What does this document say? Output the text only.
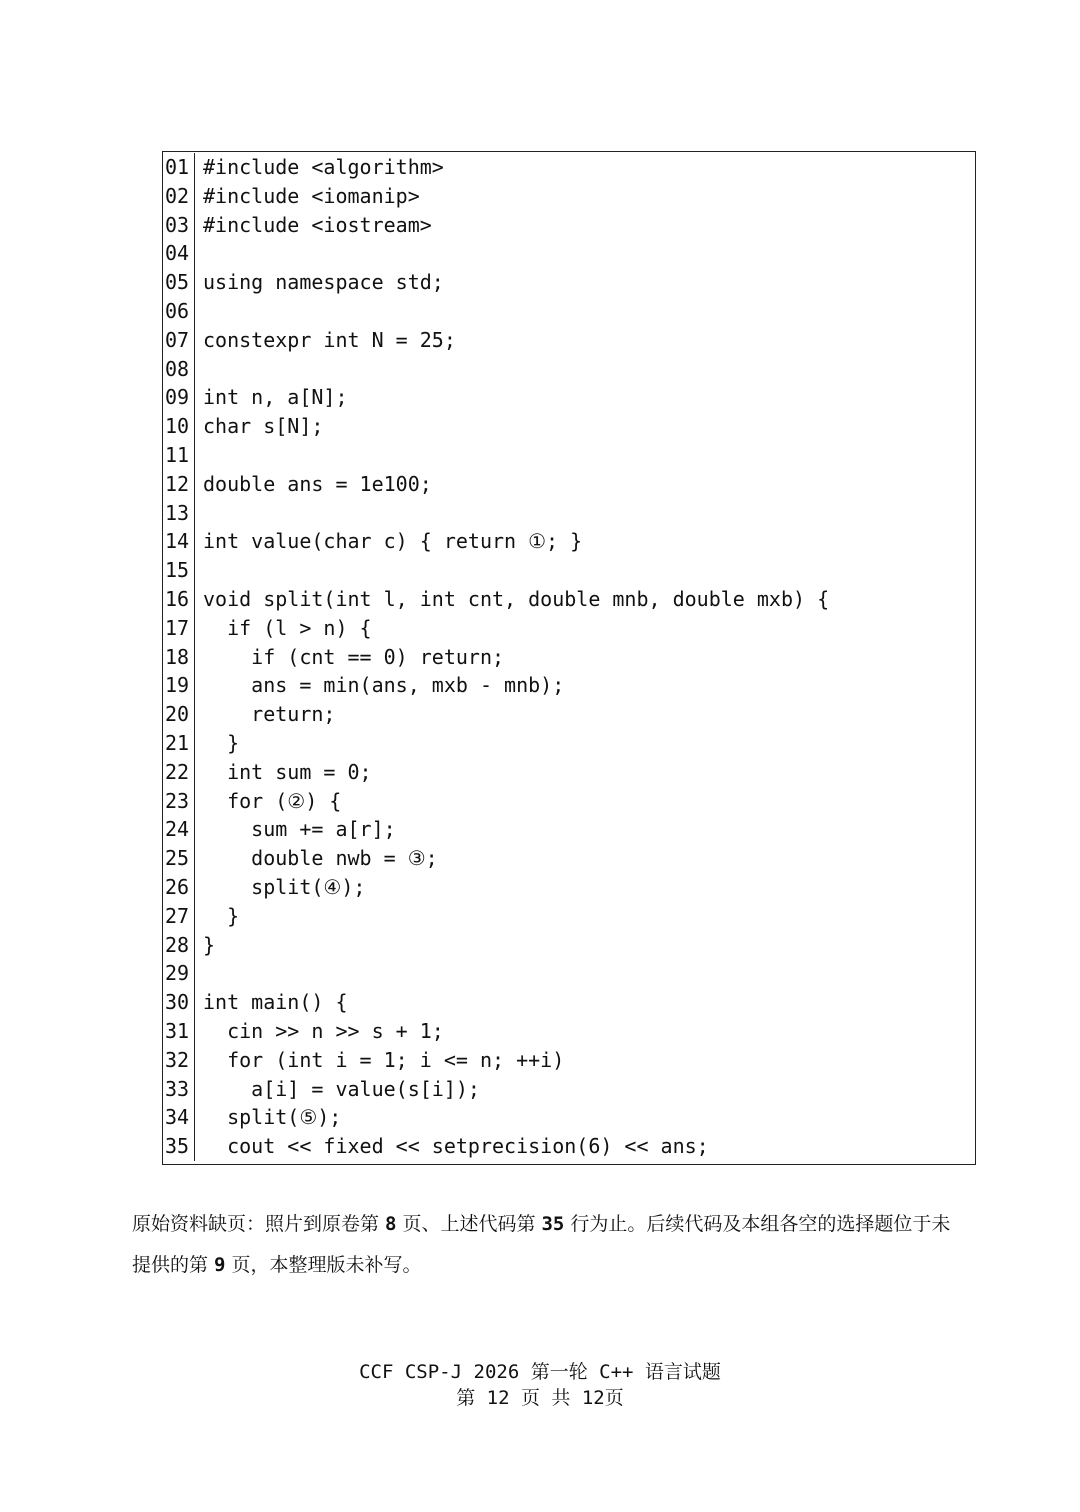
01	#include <algorithm>
02	#include <iomanip>
03	#include <iostream>
04	
05	using namespace std;
06	
07	constexpr int N = 25;
08	
09	int n, a[N];
10	char s[N];
11	
12	double ans = 1e100;
13	
14	int value(char c) { return ①; }
15	
16	void split(int l, int cnt, double mnb, double mxb) {
17	if (l > n) {
18	if (cnt == 0) return;
19	ans = min(ans, mxb - mnb);
20	return;
21	}
22	int sum = 0;
23	for (②) {
24	sum += a[r];
25	double nwb = ③;
26	split(④);
27	}
28	}
29	
30	int main() {
31	cin >> n >> s + 1;
32	for (int i = 1; i <= n; ++i)
33	a[i] = value(s[i]);
34	split(⑤);
35	cout << fixed << setprecision(6) << ans;
原始资料缺页：照片到原卷第 8 页、上述代码第 35 行为止。后续代码及本组各空的选择题位于未提供的第 9 页，本整理版未补写。
CCF CSP-J 2026 第一轮 C++ 语言试题
第 12 页 共 12页
